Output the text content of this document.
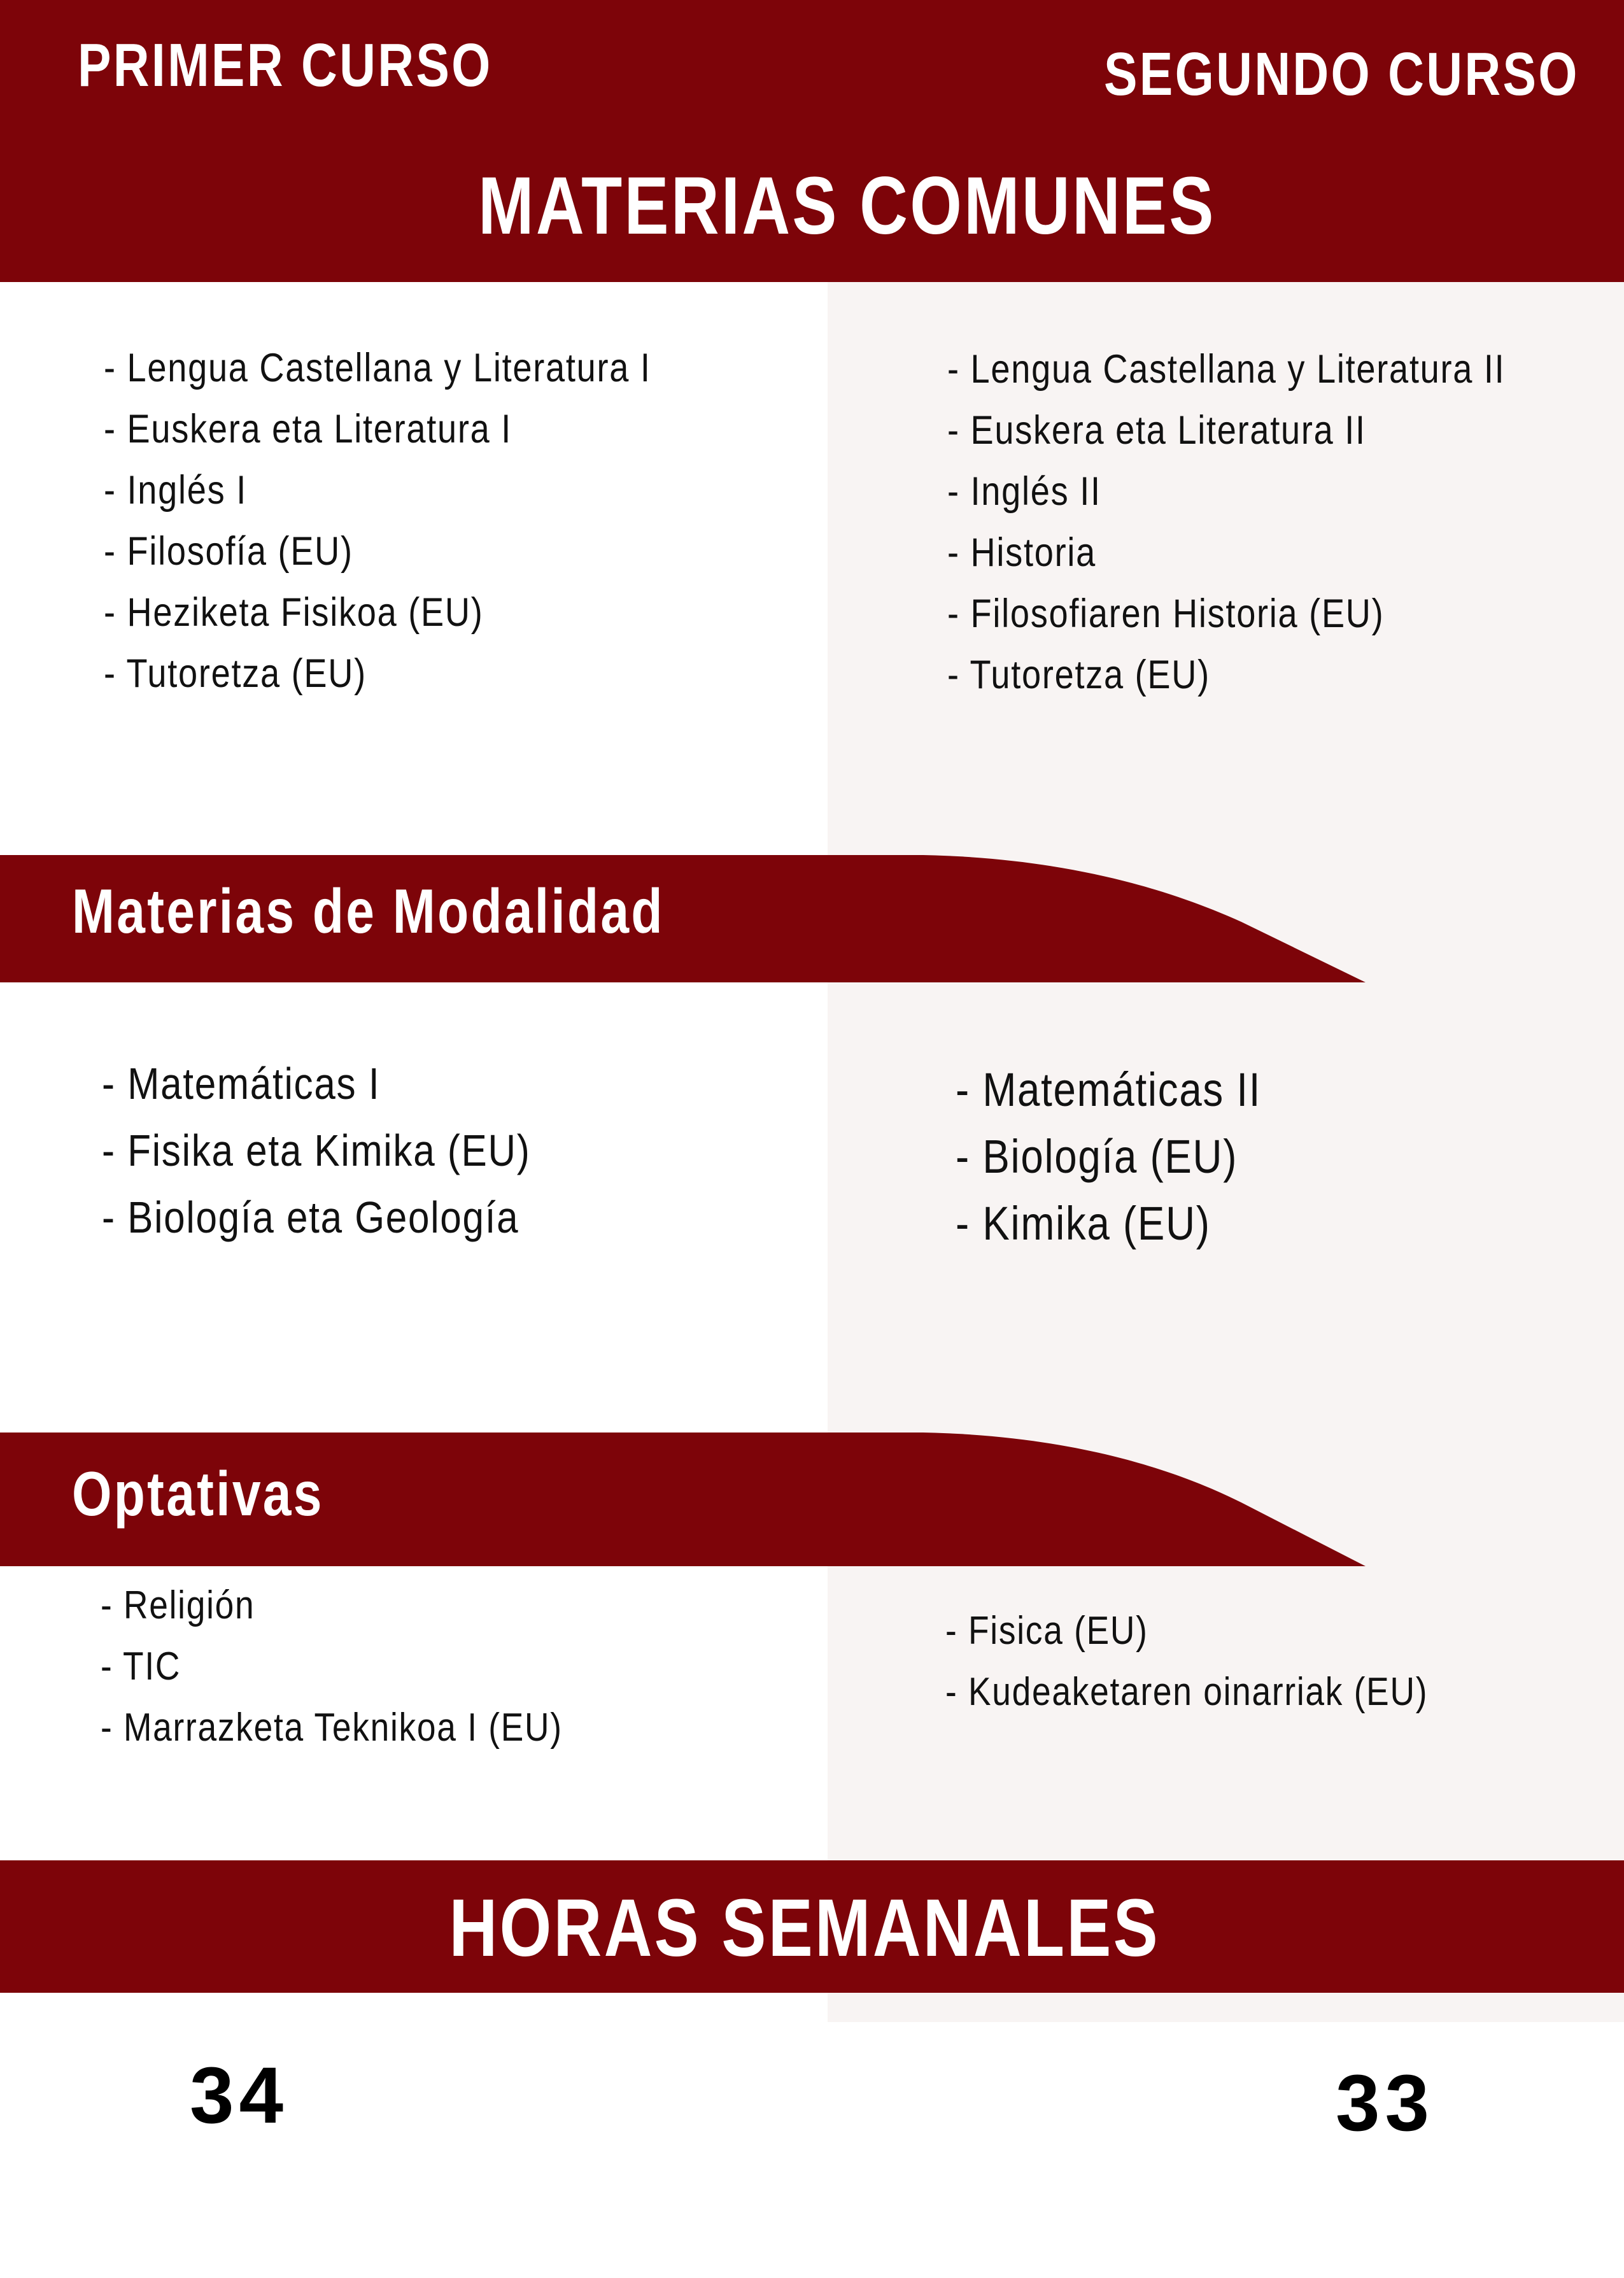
PRIMER CURSO	SEGUNDO CURSO
MATERIAS COMUNES
- Lengua Castellana y Literatura I
- Euskera eta Literatura I
- Inglés I
- Filosofía (EU)
- Heziketa Fisikoa (EU)
- Tutoretza (EU)
- Lengua Castellana y Literatura II
- Euskera eta Literatura II
- Inglés II
- Historia
- Filosofiaren Historia (EU)
- Tutoretza (EU)
Materias de Modalidad
- Matemáticas I
- Fisika eta Kimika (EU)
- Biología eta Geología
- Matemáticas II
- Biología (EU)
- Kimika (EU)
Optativas
- Religión
- TIC
- Marrazketa Teknikoa I (EU)
- Fisica (EU)
- Kudeaketaren oinarriak (EU)
HORAS SEMANALES
34	33
